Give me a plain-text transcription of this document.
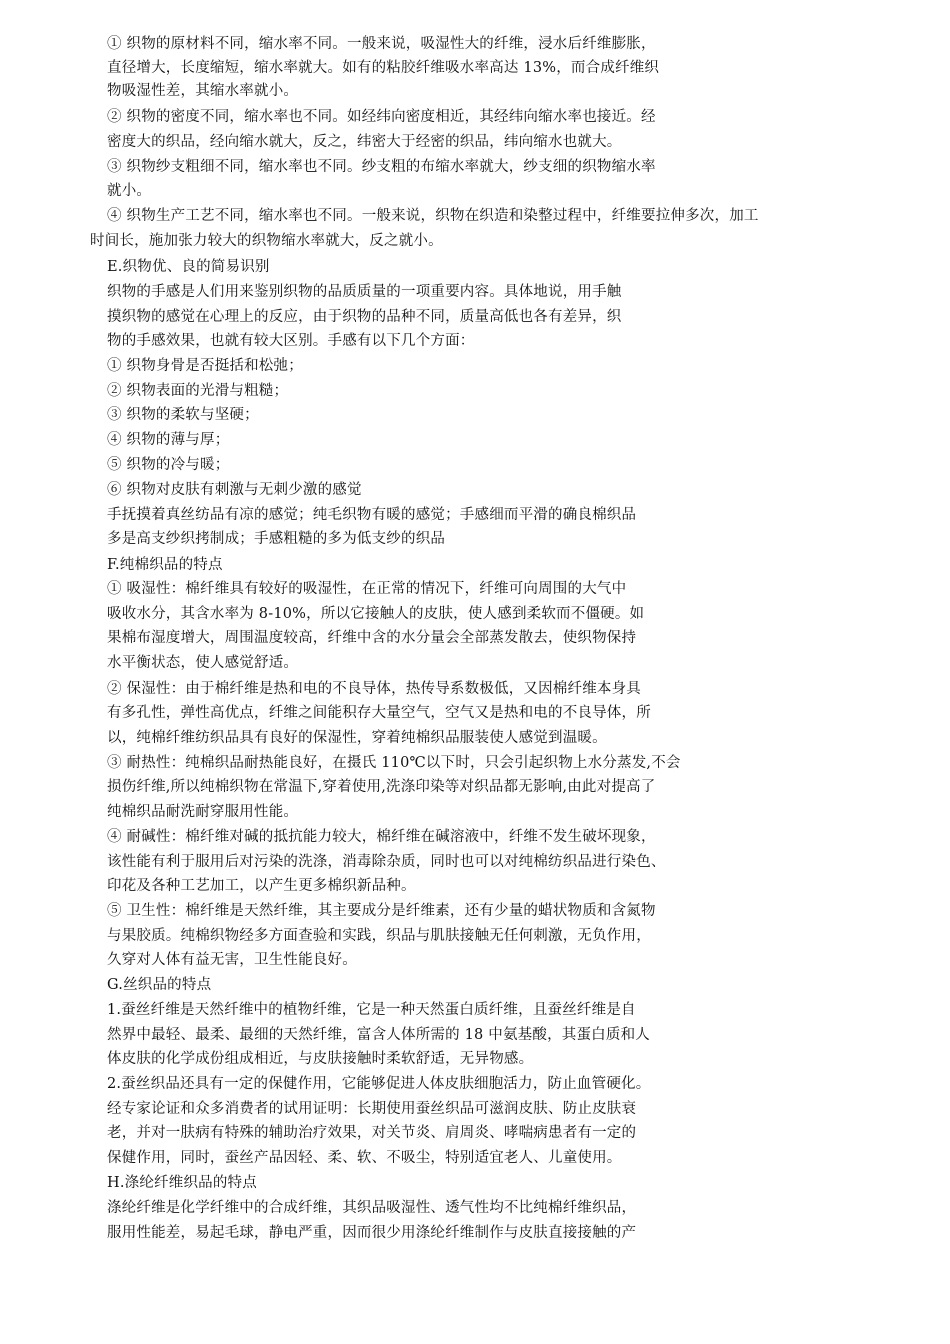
① 织物的原材料不同，缩水率不同。一般来说，吸湿性大的纤维，浸水后纤维膨胀，
直径增大，长度缩短，缩水率就大。如有的粘胶纤维吸水率高达 13%，而合成纤维织
物吸湿性差，其缩水率就小。
② 织物的密度不同，缩水率也不同。如经纬向密度相近，其经纬向缩水率也接近。经
密度大的织品，经向缩水就大，反之，纬密大于经密的织品，纬向缩水也就大。
③ 织物纱支粗细不同，缩水率也不同。纱支粗的布缩水率就大，纱支细的织物缩水率
就小。
④ 织物生产工艺不同，缩水率也不同。一般来说，织物在织造和染整过程中，纤维要拉伸多次，加工
时间长，施加张力较大的织物缩水率就大，反之就小。
E.织物优、良的简易识别
织物的手感是人们用来鉴别织物的品质质量的一项重要内容。具体地说，用手触
摸织物的感觉在心理上的反应，由于织物的品种不同，质量高低也各有差异，织
物的手感效果，也就有较大区别。手感有以下几个方面：
① 织物身骨是否挺括和松弛；
② 织物表面的光滑与粗糙；
③ 织物的柔软与坚硬；
④ 织物的薄与厚；
⑤ 织物的冷与暖；
⑥ 织物对皮肤有刺激与无刺少激的感觉
手抚摸着真丝纺品有凉的感觉；纯毛织物有暖的感觉；手感细而平滑的确良棉织品
多是高支纱织拷制成；手感粗糙的多为低支纱的织品
F.纯棉织品的特点
① 吸湿性：棉纤维具有较好的吸湿性，在正常的情况下，纤维可向周围的大气中
吸收水分，其含水率为 8-10%，所以它接触人的皮肤，使人感到柔软而不僵硬。如
果棉布湿度增大，周围温度较高，纤维中含的水分量会全部蒸发散去，使织物保持
水平衡状态，使人感觉舒适。
② 保湿性：由于棉纤维是热和电的不良导体，热传导系数极低，又因棉纤维本身具
有多孔性，弹性高优点，纤维之间能积存大量空气，空气又是热和电的不良导体，所
以，纯棉纤维纺织品具有良好的保湿性，穿着纯棉织品服装使人感觉到温暖。
③ 耐热性：纯棉织品耐热能良好，在摄氏 110℃以下时，只会引起织物上水分蒸发,不会
损伤纤维,所以纯棉织物在常温下,穿着使用,洗涤印染等对织品都无影响,由此对提高了
纯棉织品耐洗耐穿服用性能。
④ 耐碱性：棉纤维对碱的抵抗能力较大，棉纤维在碱溶液中，纤维不发生破坏现象，
该性能有利于服用后对污染的洗涤，消毒除杂质，同时也可以对纯棉纺织品进行染色、
印花及各种工艺加工，以产生更多棉织新品种。
⑤ 卫生性：棉纤维是天然纤维，其主要成分是纤维素，还有少量的蜡状物质和含氮物
与果胶质。纯棉织物经多方面查验和实践，织品与肌肤接触无任何刺激，无负作用，
久穿对人体有益无害，卫生性能良好。
G.丝织品的特点
1.蚕丝纤维是天然纤维中的植物纤维，它是一种天然蛋白质纤维，且蚕丝纤维是自
然界中最轻、最柔、最细的天然纤维，富含人体所需的 18 中氨基酸，其蛋白质和人
体皮肤的化学成份组成相近，与皮肤接触时柔软舒适，无异物感。
2.蚕丝织品还具有一定的保健作用，它能够促进人体皮肤细胞活力，防止血管硬化。
经专家论证和众多消费者的试用证明：长期使用蚕丝织品可滋润皮肤、防止皮肤衰
老，并对一肤病有特殊的辅助治疗效果，对关节炎、肩周炎、哮喘病患者有一定的
保健作用，同时，蚕丝产品因轻、柔、软、不吸尘，特别适宜老人、儿童使用。
H.涤纶纤维织品的特点
涤纶纤维是化学纤维中的合成纤维，其织品吸湿性、透气性均不比纯棉纤维织品，
服用性能差，易起毛球，静电严重，因而很少用涤纶纤维制作与皮肤直接接触的产
